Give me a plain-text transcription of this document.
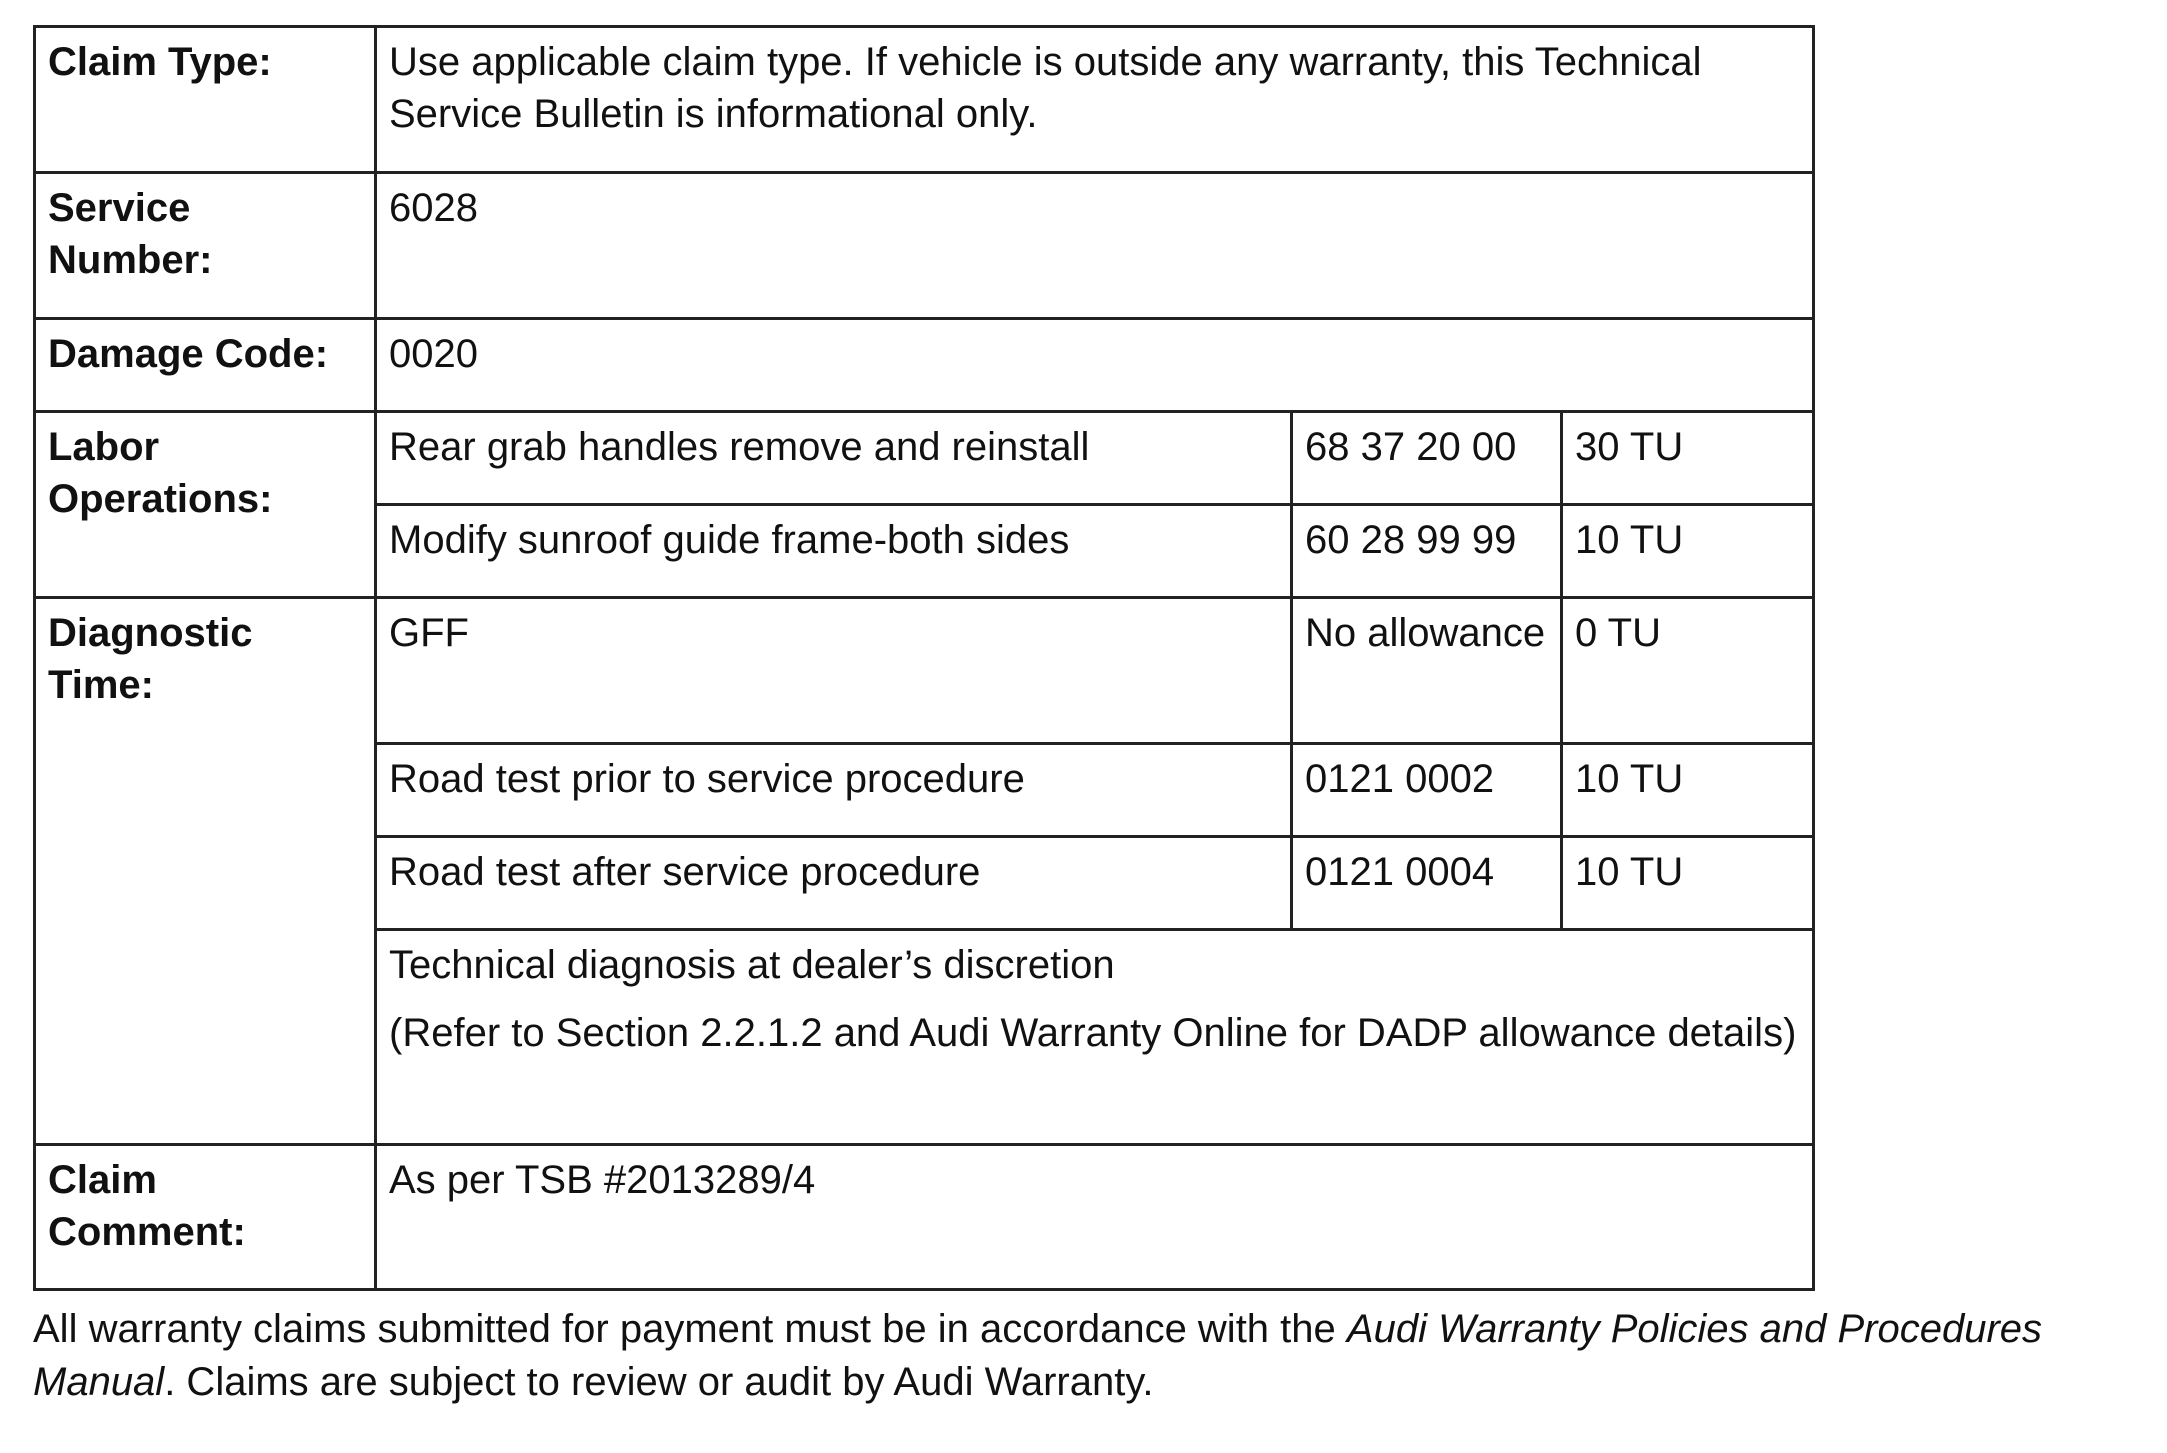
Claim Type:	Use applicable claim type. If vehicle is outside any warranty, this Technical Service Bulletin is informational only.		
Service Number:	6028		
Damage Code:	0020		
Labor Operations:	Rear grab handles remove and reinstall	68 37 20 00	30 TU
	Modify sunroof guide frame-both sides	60 28 99 99	10 TU
Diagnostic Time:	GFF	No allowance	0 TU
	Road test prior to service procedure	0121 0002	10 TU
	Road test after service procedure	0121 0004	10 TU

	Technical diagnosis at dealer’s discretion
(Refer to Section 2.2.1.2 and Audi Warranty Online for DADP allowance details)		

Claim Comment:	As per TSB #2013289/4		
All warranty claims submitted for payment must be in accordance with the Audi Warranty Policies and Procedures Manual. Claims are subject to review or audit by Audi Warranty.
